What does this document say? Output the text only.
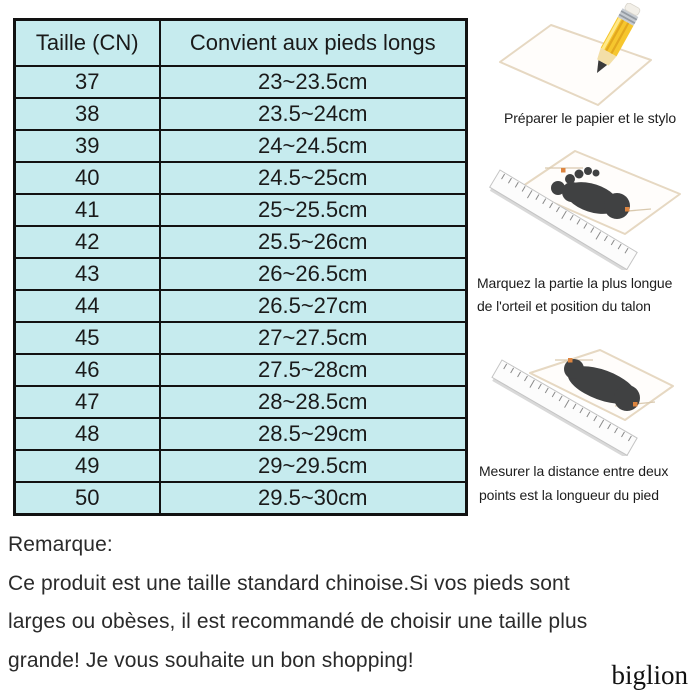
Taille (CN)	Convient aux pieds longs
37	23~23.5cm
38	23.5~24cm
39	24~24.5cm
40	24.5~25cm
41	25~25.5cm
42	25.5~26cm
43	26~26.5cm
44	26.5~27cm
45	27~27.5cm
46	27.5~28cm
47	28~28.5cm
48	28.5~29cm
49	29~29.5cm
50	29.5~30cm
Préparer le papier et le stylo
Marquez la partie la plus longue
de l'orteil et position du talon
Mesurer la distance entre deux
points est la longueur du pied
Remarque:
Ce produit est une taille standard chinoise.Si vos pieds sont
larges ou obèses, il est recommandé de choisir une taille plus
grande! Je vous souhaite un bon shopping!	biglion
